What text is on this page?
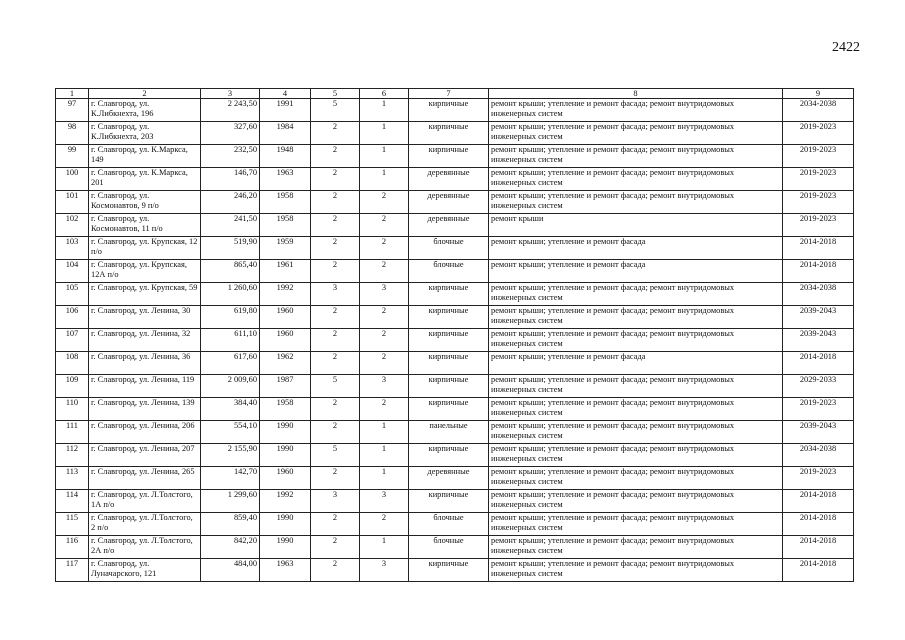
2422
1	2	3	4	5	6	7	8	9
97	г. Славгород, ул. К.Либкнехта, 196	2 243,50	1991	5	1	кирпичные	ремонт крыши; утепление и ремонт фасада; ремонт внутридомовых инженерных систем	2034-2038
98	г. Славгород, ул. К.Либкнехта, 203	327,60	1984	2	1	кирпичные	ремонт крыши; утепление и ремонт фасада; ремонт внутридомовых инженерных систем	2019-2023
99	г. Славгород, ул. К.Маркса, 149	232,50	1948	2	1	кирпичные	ремонт крыши; утепление и ремонт фасада; ремонт внутридомовых инженерных систем	2019-2023
100	г. Славгород, ул. К.Маркса, 201	146,70	1963	2	1	деревянные	ремонт крыши; утепление и ремонт фасада; ремонт внутридомовых инженерных систем	2019-2023
101	г. Славгород, ул. Космонавтов, 9 п/о	246,20	1958	2	2	деревянные	ремонт крыши; утепление и ремонт фасада; ремонт внутридомовых инженерных систем	2019-2023
102	г. Славгород, ул. Космонавтов, 11 п/о	241,50	1958	2	2	деревянные	ремонт крыши	2019-2023
103	г. Славгород, ул. Крупская, 12 п/о	519,90	1959	2	2	блочные	ремонт крыши; утепление и ремонт фасада	2014-2018
104	г. Славгород, ул. Крупская, 12А п/о	865,40	1961	2	2	блочные	ремонт крыши; утепление и ремонт фасада	2014-2018
105	г. Славгород, ул. Крупская, 59	1 260,60	1992	3	3	кирпичные	ремонт крыши; утепление и ремонт фасада; ремонт внутридомовых инженерных систем	2034-2038
106	г. Славгород, ул. Ленина, 30	619,80	1960	2	2	кирпичные	ремонт крыши; утепление и ремонт фасада; ремонт внутридомовых инженерных систем	2039-2043
107	г. Славгород, ул. Ленина, 32	611,10	1960	2	2	кирпичные	ремонт крыши; утепление и ремонт фасада; ремонт внутридомовых инженерных систем	2039-2043
108	г. Славгород, ул. Ленина, 36	617,60	1962	2	2	кирпичные	ремонт крыши; утепление и ремонт фасада	2014-2018
109	г. Славгород, ул. Ленина, 119	2 009,60	1987	5	3	кирпичные	ремонт крыши; утепление и ремонт фасада; ремонт внутридомовых инженерных систем	2029-2033
110	г. Славгород, ул. Ленина, 139	384,40	1958	2	2	кирпичные	ремонт крыши; утепление и ремонт фасада; ремонт внутридомовых инженерных систем	2019-2023
111	г. Славгород, ул. Ленина, 206	554,10	1990	2	1	панельные	ремонт крыши; утепление и ремонт фасада; ремонт внутридомовых инженерных систем	2039-2043
112	г. Славгород, ул. Ленина, 207	2 155,90	1990	5	1	кирпичные	ремонт крыши; утепление и ремонт фасада; ремонт внутридомовых инженерных систем	2034-2038
113	г. Славгород, ул. Ленина, 265	142,70	1960	2	1	деревянные	ремонт крыши; утепление и ремонт фасада; ремонт внутридомовых инженерных систем	2019-2023
114	г. Славгород, ул. Л.Толстого, 1А п/о	1 299,60	1992	3	3	кирпичные	ремонт крыши; утепление и ремонт фасада; ремонт внутридомовых инженерных систем	2014-2018
115	г. Славгород, ул. Л.Толстого, 2 п/о	859,40	1990	2	2	блочные	ремонт крыши; утепление и ремонт фасада; ремонт внутридомовых инженерных систем	2014-2018
116	г. Славгород, ул. Л.Толстого, 2А п/о	842,20	1990	2	1	блочные	ремонт крыши; утепление и ремонт фасада; ремонт внутридомовых инженерных систем	2014-2018
117	г. Славгород, ул. Луначарского, 121	484,00	1963	2	3	кирпичные	ремонт крыши; утепление и ремонт фасада; ремонт внутридомовых инженерных систем	2014-2018
